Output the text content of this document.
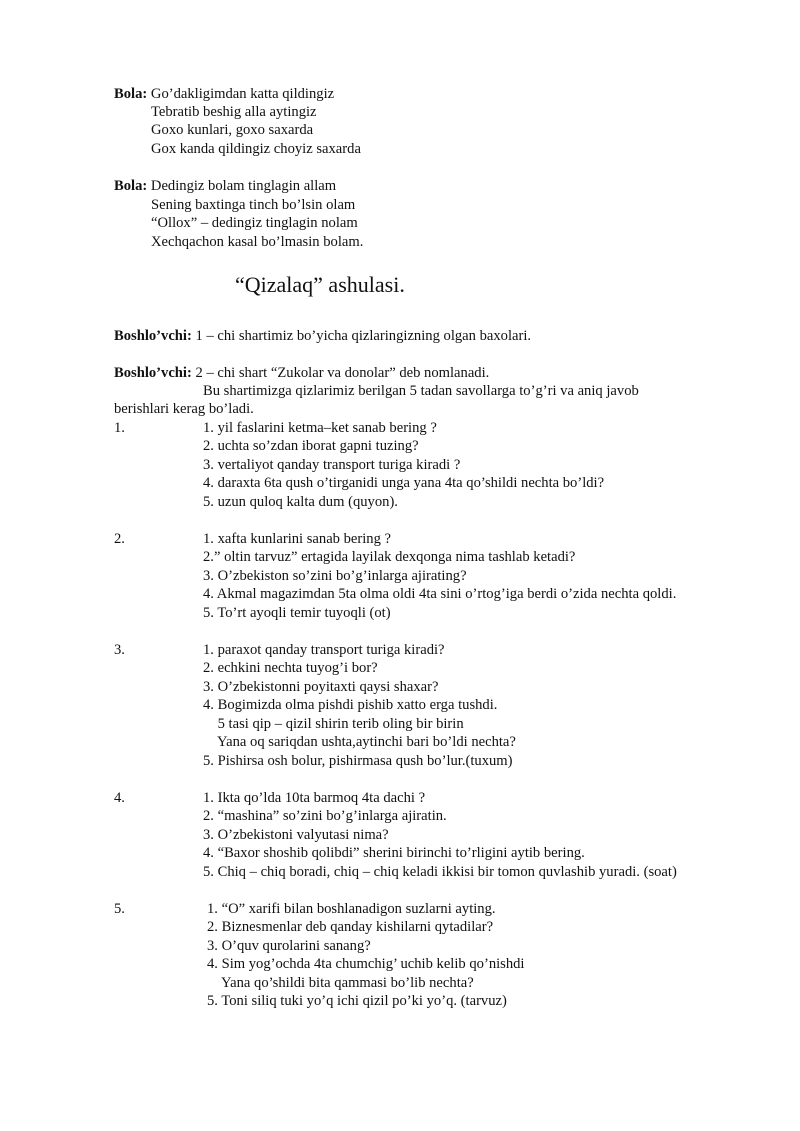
Bola: Go’dakligimdan katta qildingiz
Tebratib beshig alla aytingiz
Goxo kunlari, goxo saxarda
Gox kanda qildingiz choyiz saxarda
Bola: Dedingiz bolam tinglagin allam
Sening baxtinga tinch bo’lsin olam
“Ollox” – dedingiz tinglagin nolam
Xechqachon kasal bo’lmasin bolam.
“Qizalaq” ashulasi.
Boshlo’vchi: 1 – chi shartimiz bo’yicha qizlaringizning olgan baxolari.
Boshlo’vchi: 2 – chi shart “Zukolar va donolar” deb nomlanadi.
Bu shartimizga qizlarimiz berilgan 5 tadan savollarga to’g’ri va aniq javob
berishlari kerag bo’ladi.
1.	1. yil faslarini ketma–ket sanab bering ?
2. uchta so’zdan iborat gapni tuzing?
3. vertaliyot qanday transport turiga kiradi ?
4. daraxta 6ta qush o’tirganidi unga yana 4ta qo’shildi nechta bo’ldi?
5. uzun quloq kalta dum (quyon).
2.	1. xafta kunlarini sanab bering ?
2.” oltin tarvuz” ertagida layilak dexqonga nima tashlab ketadi?
3. O’zbekiston so’zini bo’g’inlarga ajirating?
4. Akmal magazimdan 5ta olma oldi 4ta sini o’rtog’iga berdi o’zida nechta qoldi.
5. To’rt ayoqli temir tuyoqli (ot)
3.	1. paraxot qanday transport turiga kiradi?
2. echkini nechta tuyog’i bor?
3. O’zbekistonni poyitaxti qaysi shaxar?
4. Bogimizda olma pishdi pishib xatto erga tushdi.
5 tasi qip – qizil shirin terib oling bir birin
Yana oq sariqdan ushta,aytinchi bari bo’ldi nechta?
5. Pishirsa osh bolur, pishirmasa qush bo’lur.(tuxum)
4.	1. Ikta qo’lda 10ta barmoq 4ta dachi ?
2. “mashina” so’zini bo’g’inlarga ajiratin.
3. O’zbekistoni valyutasi nima?
4. “Baxor shoshib qolibdi” sherini birinchi to’rligini aytib bering.
5. Chiq – chiq boradi, chiq – chiq keladi ikkisi bir tomon quvlashib yuradi. (soat)
5.	1. “O” xarifi bilan boshlanadigon suzlarni ayting.
2. Biznesmenlar deb qanday kishilarni qytadilar?
3. O’quv qurolarini sanang?
4. Sim yog’ochda 4ta chumchig’ uchib kelib qo’nishdi
Yana qo’shildi bita qammasi bo’lib nechta?
5. Toni siliq tuki yo’q ichi qizil po’ki yo’q. (tarvuz)
